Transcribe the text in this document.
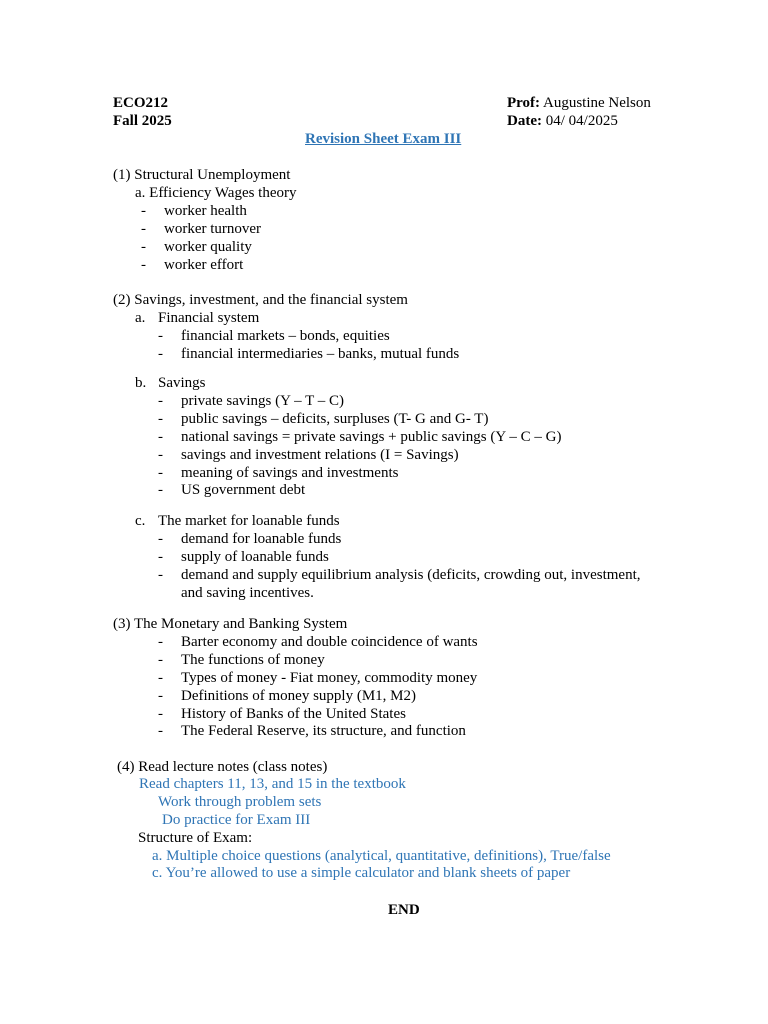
ECO212
Fall 2025
Prof: Augustine Nelson
Date: 04/ 04/2025
Revision Sheet Exam III
(1) Structural Unemployment
a. Efficiency Wages theory
- worker health
- worker turnover
- worker quality
- worker effort
(2) Savings, investment, and the financial system
a. Financial system
- financial markets – bonds, equities
- financial intermediaries – banks, mutual funds
b. Savings
- private savings (Y – T – C)
- public savings – deficits, surpluses (T- G and G- T)
- national savings = private savings + public savings (Y – C – G)
- savings and investment relations (I = Savings)
- meaning of savings and investments
- US government debt
c. The market for loanable funds
- demand for loanable funds
- supply of loanable funds
- demand and supply equilibrium analysis (deficits, crowding out, investment,
and saving incentives.
(3) The Monetary and Banking System
- Barter economy and double coincidence of wants
- The functions of money
- Types of money - Fiat money, commodity money
- Definitions of money supply (M1, M2)
- History of Banks of the United States
- The Federal Reserve, its structure, and function
(4) Read lecture notes (class notes)
Read chapters 11, 13, and 15 in the textbook
Work through problem sets
Do practice for Exam III
Structure of Exam:
a. Multiple choice questions (analytical, quantitative, definitions), True/false
c. You’re allowed to use a simple calculator and blank sheets of paper
END
